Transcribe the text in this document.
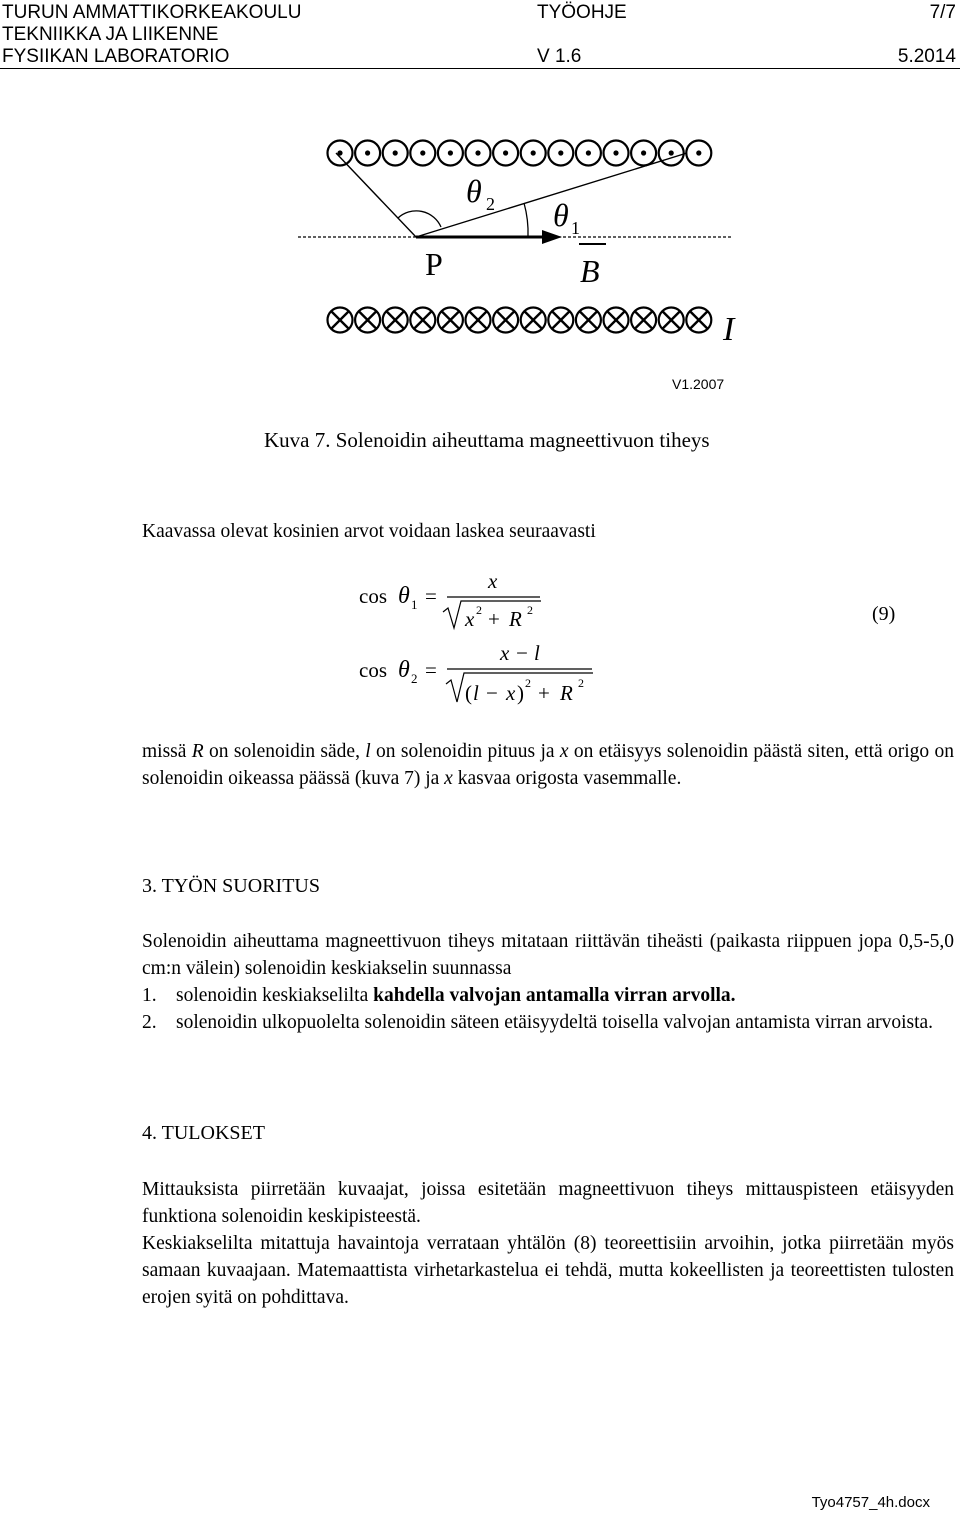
TURUN AMMATTIKORKEAKOULU	TYÖOHJE	7/7
TEKNIIKKA JA LIIKENNE
FYSIIKAN LABORATORIO	V 1.6	5.2014
θ 2 θ 1
P	B
I
V1.2007
Kuva 7. Solenoidin aiheuttama magneettivuon tiheys
Kaavassa olevat kosinien arvot voidaan laskea seuraavasti
cos θ 1 =
x
x 2 + R 2
cos θ 2 =
x − l
( l − x ) 2 + R 2
(9)
missä R on solenoidin säde, l on solenoidin pituus ja x on etäisyys solenoidin päästä siten, että origo on solenoidin oikeassa päässä (kuva 7) ja x kasvaa origosta vasemmalle.
3. TYÖN SUORITUS
Solenoidin aiheuttama magneettivuon tiheys mitataan riittävän tiheästi (paikasta riippuen jopa 0,5-5,0 cm:n välein) solenoidin keskiakselin suunnassa
1. solenoidin keskiakselilta kahdella valvojan antamalla virran arvolla.
2. solenoidin ulkopuolelta solenoidin säteen etäisyydeltä toisella valvojan antamista virran arvoista.
4. TULOKSET
Mittauksista piirretään kuvaajat, joissa esitetään magneettivuon tiheys mittauspisteen etäisyyden funktiona solenoidin keskipisteestä.
Keskiakselilta mitattuja havaintoja verrataan yhtälön (8) teoreettisiin arvoihin, jotka piirretään myös samaan kuvaajaan. Matemaattista virhetarkastelua ei tehdä, mutta kokeellisten ja teoreettisten tulosten erojen syitä on pohdittava.
Tyo4757_4h.docx
